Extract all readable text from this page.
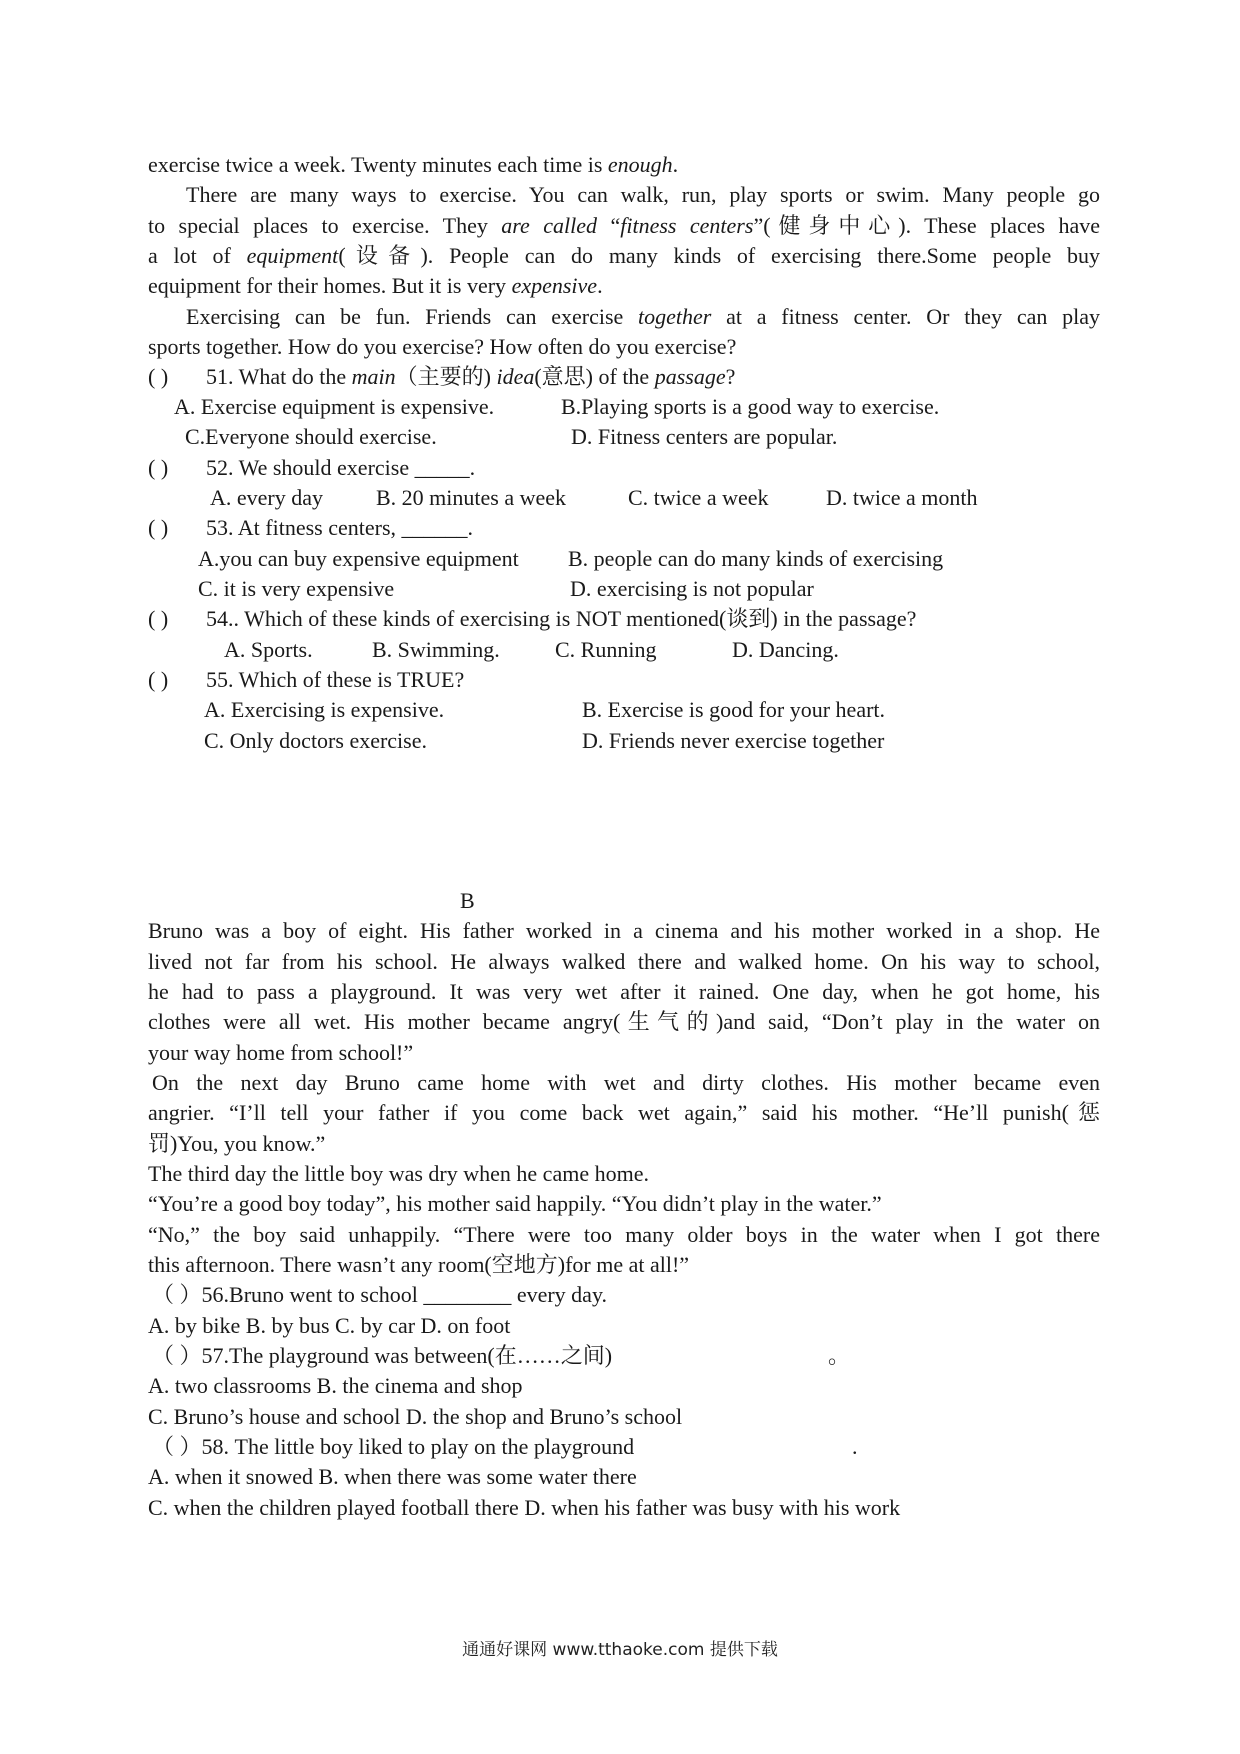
exercise twice a week. Twenty minutes each time is enough.
There are many ways to exercise. You can walk, run, play sports or swim. Many people go
to special places to exercise. They are called “fitness centers”(健身中心). These places have
a lot of equipment(设备). People can do many kinds of exercising there.Some people buy
equipment for their homes. But it is very expensive.
Exercising can be fun. Friends can exercise together at a fitness center. Or they can play
sports together. How do you exercise? How often do you exercise?
( ) 51. What do the main（主要的) idea(意思) of the passage?
A. Exercise equipment is expensive.	B.Playing sports is a good way to exercise.
C.Everyone should exercise.	D. Fitness centers are popular.
( ) 52. We should exercise _____.
A. every day B. 20 minutes a week	C. twice a week	D. twice a month
( ) 53. At fitness centers, ______.
A.you can buy expensive equipment B. people can do many kinds of exercising
C. it is very expensive	D. exercising is not popular
( ) 54.. Which of these kinds of exercising is NOT mentioned(谈到) in the passage?
A. Sports.	B. Swimming.	C. Running	D. Dancing.
( ) 55. Which of these is TRUE?
A. Exercising is expensive.	B. Exercise is good for your heart.
C. Only doctors exercise.	D. Friends never exercise together
B
Bruno was a boy of eight. His father worked in a cinema and his mother worked in a shop. He
lived not far from his school. He always walked there and walked home. On his way to school,
he had to pass a playground. It was very wet after it rained. One day, when he got home, his
clothes were all wet. His mother became angry(生气的)and said, “Don’t play in the water on
your way home from school!”
On the next day Bruno came home with wet and dirty clothes. His mother became even
angrier. “I’ll tell your father if you come back wet again,” said his mother. “He’ll punish(惩
罚)You, you know.”
The third day the little boy was dry when he came home.
“You’re a good boy today”, his mother said happily. “You didn’t play in the water.”
“No,” the boy said unhappily. “There were too many older boys in the water when I got there
this afternoon. There wasn’t any room(空地方)for me at all!”
（ ）56.Bruno went to school ________ every day.
A. by bike B. by bus C. by car D. on foot
（ ）57.The playground was between(在……之间)	。
A. two classrooms B. the cinema and shop
C. Bruno’s house and school D. the shop and Bruno’s school
（ ）58. The little boy liked to play on the playground	.
A. when it snowed B. when there was some water there
C. when the children played football there D. when his father was busy with his work
通通好课网 www.tthaoke.com 提供下载
